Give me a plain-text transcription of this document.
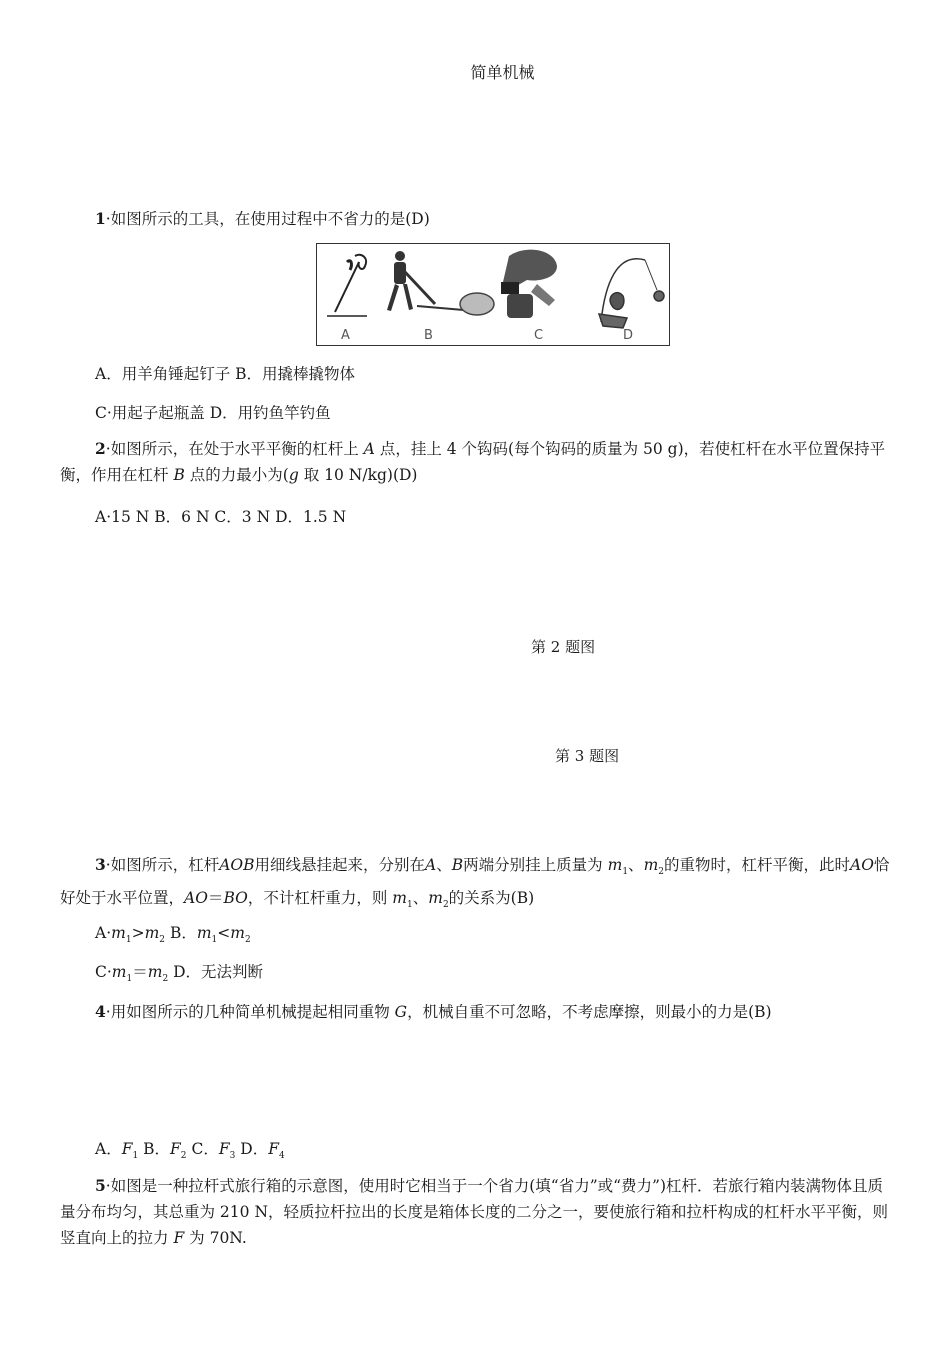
简单机械
1·如图所示的工具，在使用过程中不省力的是(D)
A	B	C	D
A．用羊角锤起钉子 B．用撬棒撬物体
C·用起子起瓶盖 D．用钓鱼竿钓鱼
2·如图所示，在处于水平平衡的杠杆上 A 点，挂上 4 个钩码(每个钩码的质量为 50 g)，若使杠杆在水平位置保持平衡，作用在杠杆 B 点的力最小为(g 取 10 N/kg)(D)
A·15 N B．6 N C．3 N D．1.5 N
第 2 题图
第 3 题图
3·如图所示，杠杆AOB用细线悬挂起来，分别在A、B两端分别挂上质量为 $m_1$、$m_2$的重物时，杠杆平衡，此时AO恰好处于水平位置，AO＝BO，不计杠杆重力，则 $m_1$、$m_2$的关系为(B)
$A\cdot m_1>m_2$ B．$m_1<m_2$
$C\cdot m_1=m_2$ D．无法判断
4·用如图所示的几种简单机械提起相同重物 G，机械自重不可忽略，不考虑摩擦，则最小的力是(B)
A．$F_1$ B．$F_2$ C．$F_3$ D．$F_4$
5·如图是一种拉杆式旅行箱的示意图，使用时它相当于一个省力(填“省力”或“费力”)杠杆．若旅行箱内装满物体且质量分布均匀，其总重为 210 N，轻质拉杆拉出的长度是箱体长度的二分之一，要使旅行箱和拉杆构成的杠杆水平平衡，则竖直向上的拉力 F 为 70N.
